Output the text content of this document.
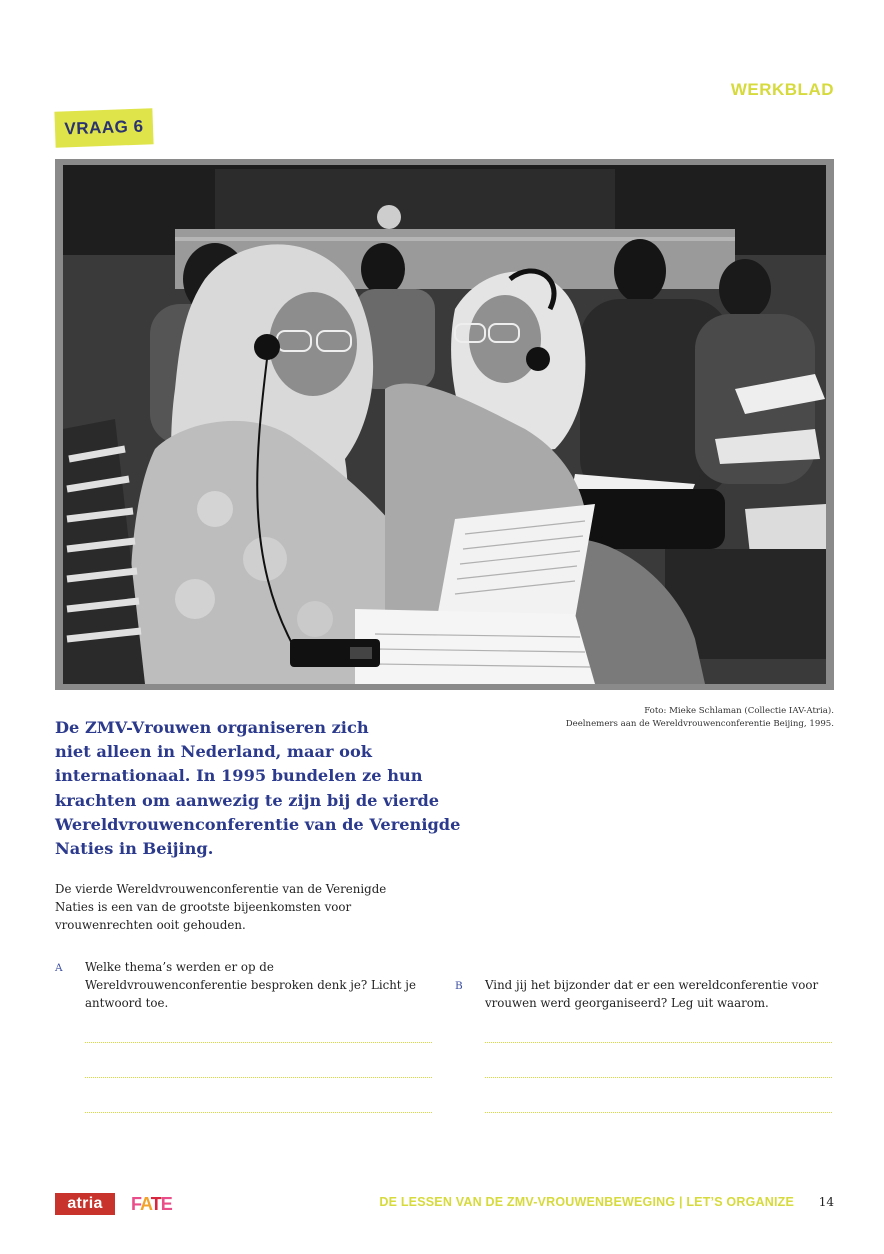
WERKBLAD
VRAAG 6
Foto: Mieke Schlaman (Collectie IAV-Atria).
Deelnemers aan de Wereldvrouwenconferentie Beijing, 1995.
De ZMV-Vrouwen organiseren zich
niet alleen in Nederland, maar ook
internationaal. In 1995 bundelen ze hun
krachten om aanwezig te zijn bij de vierde
Wereldvrouwenconferentie van de Verenigde
Naties in Beijing.
De vierde Wereldvrouwenconferentie van de Verenigde
Naties is een van de grootste bijeenkomsten voor
vrouwenrechten ooit gehouden.
A Welke thema’s werden er op de
Wereldvrouwenconferentie besproken denk je? Licht je
antwoord toe.
B Vind jij het bijzonder dat er een wereldconferentie voor
vrouwen werd georganiseerd? Leg uit waarom.
atria	FATE	DE LESSEN VAN DE ZMV-VROUWENBEWEGING | LET’S ORGANIZE 14
